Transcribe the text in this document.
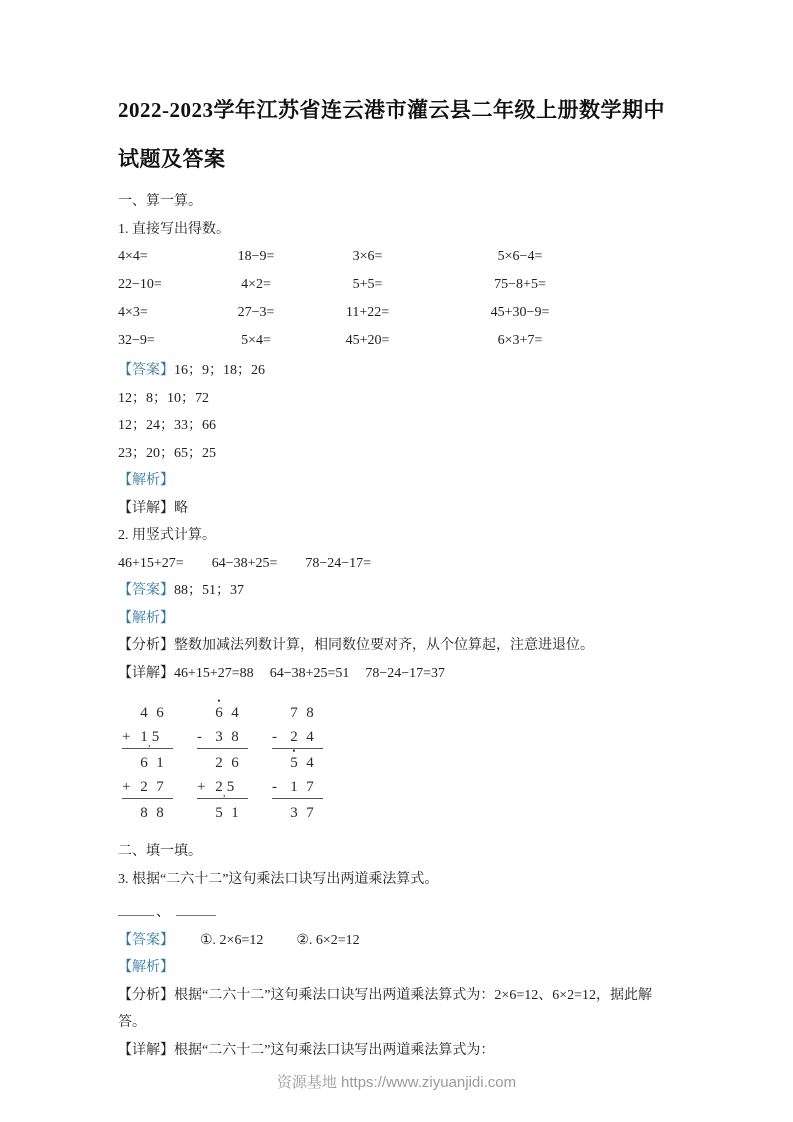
2022-2023学年江苏省连云港市灌云县二年级上册数学期中试题及答案

一、算一算。

1. 直接写出得数。

4×4=	18−9=	3×6=	5×6−4=
22−10=	4×2=	5+5=	75−8+5=
4×3=	27−3=	11+22=	45+30−9=
32−9=	5×4=	45+20=	6×3+7=

【答案】16；9；18；26

12；8；10；72

12；24；33；66

23；20；65；25

【解析】

【详解】略

2. 用竖式计算。

46+15+27= 64−38+25= 78−24−17=

【答案】88；51；37

【解析】

【分析】整数加减法列数计算，相同数位要对齐，从个位算起，注意进退位。

【详解】46+15+27=88 64−38+25=51 78−24−17=37

4 6
+ 1 , 5
6 1
+ 2 7
8 8
6 • 4
- 3 8
2 6
+ 2 , 5
5 1
7 8
- 2 4
5 • 4
- 1 7
3 7

二、填一填。

3. 根据“二六十二”这句乘法口诀写出两道乘法算式。

、

【答案】 ①. 2×6=12 ②. 6×2=12

【解析】

【分析】根据“二六十二”这句乘法口诀写出两道乘法算式为：2×6=12、6×2=12，据此解答。

【详解】根据“二六十二”这句乘法口诀写出两道乘法算式为：

资源基地 https://www.ziyuanjidi.com
